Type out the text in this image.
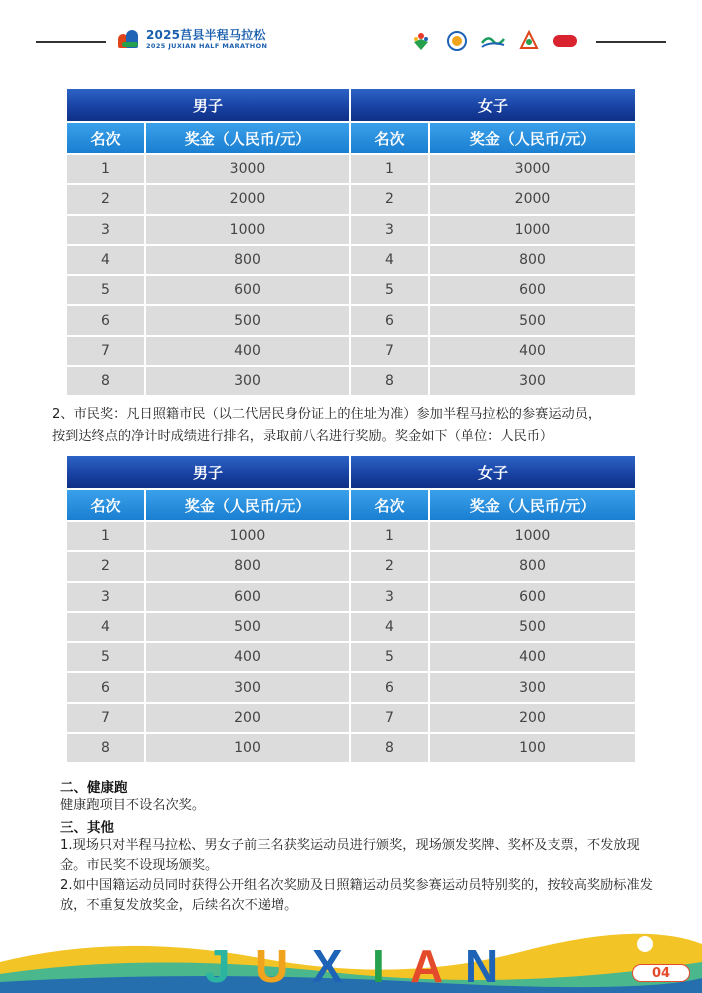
2025莒县半程马拉松
2025 JUXIAN HALF MARATHON
男子	女子
名次	奖金（人民币/元）	名次	奖金（人民币/元）
1	3000	1	3000
2	2000	2	2000
3	1000	3	1000
4	800	4	800
5	600	5	600
6	500	6	500
7	400	7	400
8	300	8	300
2、市民奖：凡日照籍市民（以二代居民身份证上的住址为准）参加半程马拉松的参赛运动员，
按到达终点的净计时成绩进行排名，录取前八名进行奖励。奖金如下（单位：人民币）
男子	女子
名次	奖金（人民币/元）	名次	奖金（人民币/元）
1	1000	1	1000
2	800	2	800
3	600	3	600
4	500	4	500
5	400	5	400
6	300	6	300
7	200	7	200
8	100	8	100
二、健康跑
健康跑项目不设名次奖。
三、其他
1.现场只对半程马拉松、男女子前三名获奖运动员进行颁奖，现场颁发奖牌、奖杯及支票，不发放现金。市民奖不设现场颁奖。
2.如中国籍运动员同时获得公开组名次奖励及日照籍运动员奖参赛运动员特别奖的，按较高奖励标准发放，不重复发放奖金，后续名次不递增。
J U X I A N	04
